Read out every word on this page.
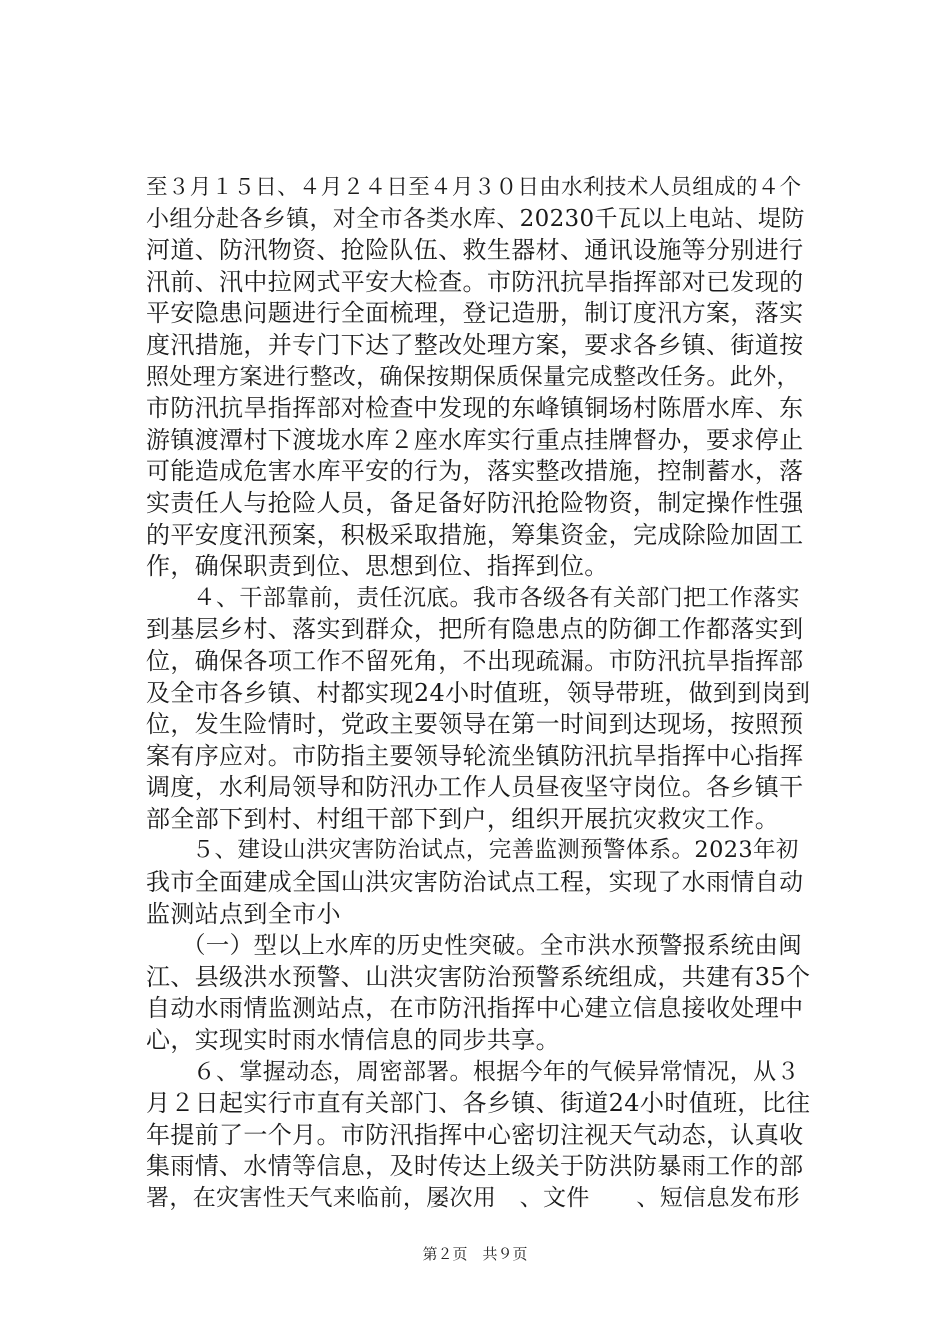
至３月１５日、４月２４日至４月３０日由水利技术人员组成的４个
小组分赴各乡镇，对全市各类水库、20230千瓦以上电站、堤防
河道、防汛物资、抢险队伍、救生器材、通讯设施等分别进行
汛前、汛中拉网式平安大检查。市防汛抗旱指挥部对已发现的
平安隐患问题进行全面梳理，登记造册，制订度汛方案，落实
度汛措施，并专门下达了整改处理方案，要求各乡镇、街道按
照处理方案进行整改，确保按期保质保量完成整改任务。此外，
市防汛抗旱指挥部对检查中发现的东峰镇铜场村陈厝水库、东
游镇渡潭村下渡垅水库２座水库实行重点挂牌督办，要求停止
可能造成危害水库平安的行为，落实整改措施，控制蓄水，落
实责任人与抢险人员，备足备好防汛抢险物资，制定操作性强
的平安度汛预案，积极采取措施，筹集资金，完成除险加固工
作，确保职责到位、思想到位、指挥到位。
　　４、干部靠前，责任沉底。我市各级各有关部门把工作落实
到基层乡村、落实到群众，把所有隐患点的防御工作都落实到
位，确保各项工作不留死角，不出现疏漏。市防汛抗旱指挥部
及全市各乡镇、村都实现24小时值班，领导带班，做到到岗到
位，发生险情时，党政主要领导在第一时间到达现场，按照预
案有序应对。市防指主要领导轮流坐镇防汛抗旱指挥中心指挥
调度，水利局领导和防汛办工作人员昼夜坚守岗位。各乡镇干
部全部下到村、村组干部下到户，组织开展抗灾救灾工作。
　　５、建设山洪灾害防治试点，完善监测预警体系。2023年初
我市全面建成全国山洪灾害防治试点工程，实现了水雨情自动
监测站点到全市小
　　（一）型以上水库的历史性突破。全市洪水预警报系统由闽
江、县级洪水预警、山洪灾害防治预警系统组成，共建有35个
自动水雨情监测站点，在市防汛指挥中心建立信息接收处理中
心，实现实时雨水情信息的同步共享。
　　６、掌握动态，周密部署。根据今年的气候异常情况，从３
月２日起实行市直有关部门、各乡镇、街道24小时值班，比往
年提前了一个月。市防汛指挥中心密切注视天气动态，认真收
集雨情、水情等信息，及时传达上级关于防洪防暴雨工作的部
署，在灾害性天气来临前，屡次用　、文件　　、短信息发布形
第２页　共９页
